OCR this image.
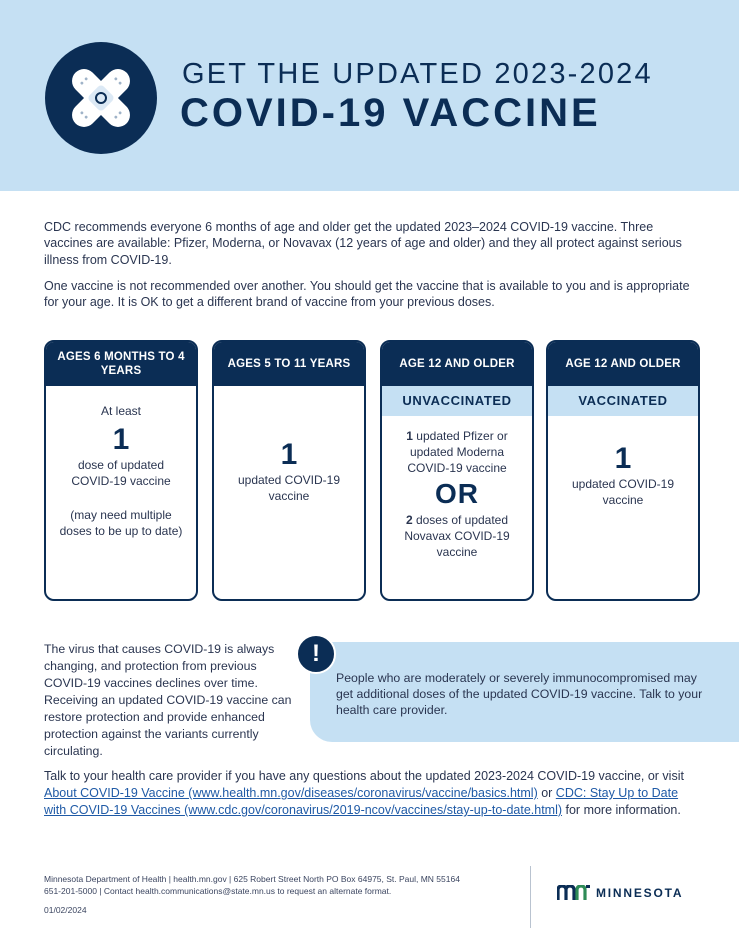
GET THE UPDATED 2023-2024
COVID-19 VACCINE

CDC recommends everyone 6 months of age and older get the updated 2023–2024 COVID-19 vaccine. Three vaccines are available: Pfizer, Moderna, or Novavax (12 years of age and older) and they all protect against serious illness from COVID-19.

One vaccine is not recommended over another. You should get the vaccine that is available to you and is appropriate for your age. It is OK to get a different brand of vaccine from your previous doses.

AGES 6 MONTHS TO 4 YEARS
At least
1
dose of updated COVID-19 vaccine
(may need multiple doses to be up to date)
AGES 5 TO 11 YEARS
1
updated COVID-19 vaccine
AGE 12 AND OLDER
UNVACCINATED
1 updated Pfizer or updated Moderna COVID-19 vaccine
OR
2 doses of updated Novavax COVID-19 vaccine
AGE 12 AND OLDER
VACCINATED
1
updated COVID-19 vaccine

The virus that causes COVID-19 is always changing, and protection from previous COVID-19 vaccines declines over time. Receiving an updated COVID-19 vaccine can restore protection and provide enhanced protection against the variants currently circulating.

!

People who are moderately or severely immunocompromised may get additional doses of the updated COVID-19 vaccine. Talk to your health care provider.

Talk to your health care provider if you have any questions about the updated 2023-2024 COVID-19 vaccine, or visit About COVID-19 Vaccine (www.health.mn.gov/diseases/coronavirus/vaccine/basics.html) or CDC: Stay Up to Date with COVID-19 Vaccines (www.cdc.gov/coronavirus/2019-ncov/vaccines/stay-up-to-date.html) for more information.

Minnesota Department of Health | health.mn.gov | 625 Robert Street North PO Box 64975, St. Paul, MN 55164
651-201-5000 | Contact health.communications@state.mn.us to request an alternate format.
01/02/2024
MINNESOTA
